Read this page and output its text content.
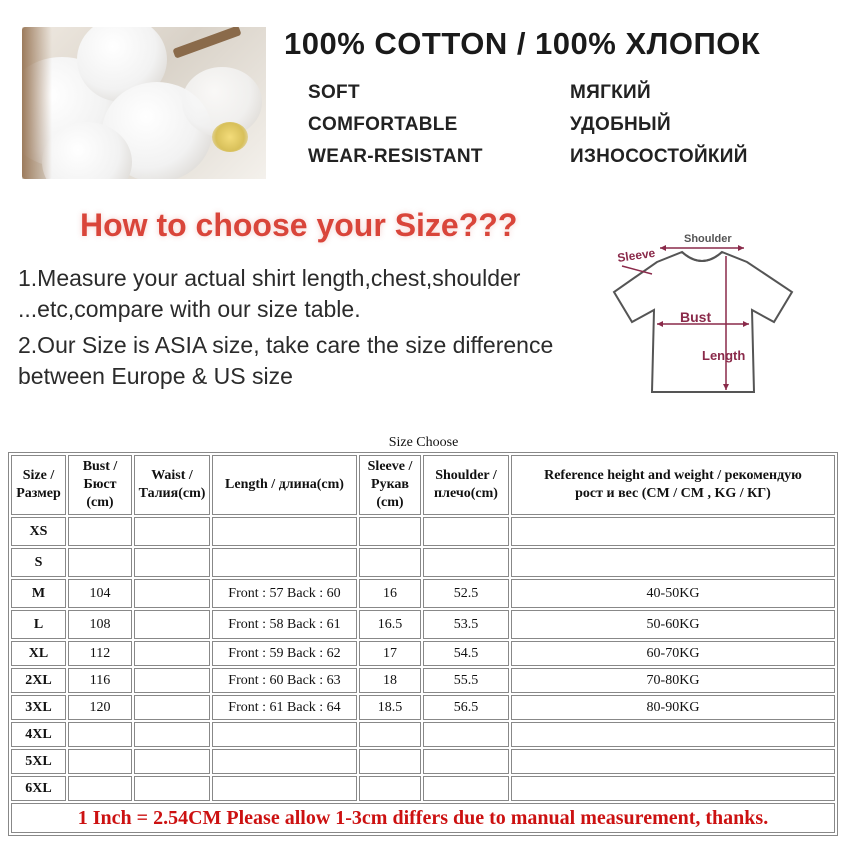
100% COTTON / 100% ХЛОПОК
SOFT
COMFORTABLE
WEAR-RESISTANT
МЯГКИЙ
УДОБНЫЙ
ИЗНОСОСТОЙКИЙ
How to choose your Size???
1.Measure your actual shirt length,chest,shoulder
...etc,compare with our size table.
2.Our Size is ASIA size, take care the size difference
between Europe & US size
Shoulder
Sleeve
Bust
Length
Size Choose
Size /
Размер	Bust /
Бюст
(cm)	Waist /
Талия(cm)	Length / длина(cm)	Sleeve /
Рукав
(cm)	Shoulder /
плечо(cm)	Reference height and weight / рекомендую
рост и вес (CM / CM , KG / КГ)
XS						
S						
M	104		Front : 57 Back : 60	16	52.5	40-50KG
L	108		Front : 58 Back : 61	16.5	53.5	50-60KG
XL	112		Front : 59 Back : 62	17	54.5	60-70KG
2XL	116		Front : 60 Back : 63	18	55.5	70-80KG
3XL	120		Front : 61 Back : 64	18.5	56.5	80-90KG
4XL						
5XL						
6XL						
1 Inch = 2.54CM Please allow 1-3cm differs due to manual measurement, thanks.						
